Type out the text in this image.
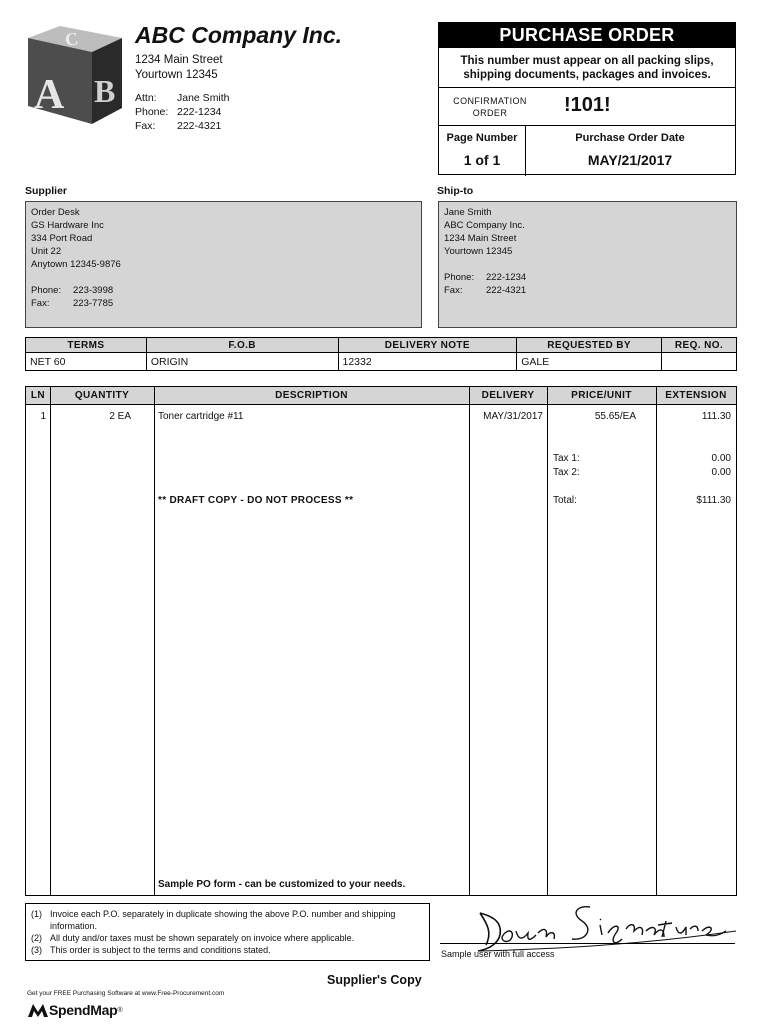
C
A B
ABC Company Inc.
1234 Main Street
Yourtown 12345
Attn:	Jane Smith
Phone: 222-1234
Fax:	222-4321
PURCHASE ORDER
This number must appear on all packing slips,
shipping documents, packages and invoices.
CONFIRMATION
ORDER	!101!
Page Number
1 of 1
Purchase Order Date
MAY/21/2017
Supplier
Order Desk
GS Hardware Inc
334 Port Road
Unit 22
Anytown 12345-9876
Phone:	223-3998
Fax:	223-7785
Ship-to
Jane Smith
ABC Company Inc.
1234 Main Street
Yourtown 12345
Phone:	222-1234
Fax:	222-4321
TERMS	F.O.B	DELIVERY NOTE	REQUESTED BY	REQ. NO.
NET 60	ORIGIN	12332	GALE	
LN	QUANTITY	DESCRIPTION	DELIVERY	PRICE/UNIT	EXTENSION
1	2 EA	Toner cartridge #11	MAY/31/2017	55.65/EA	111.30
Tax 1:	0.00
Tax 2:	0.00
Total:	$111.30
** DRAFT COPY - DO NOT PROCESS **
Sample PO form - can be customized to your needs.
(1) Invoice each P.O. separately in duplicate showing the above P.O. number and shipping information.
(2) All duty and/or taxes must be shown separately on invoice where applicable.
(3) This order is subject to the terms and conditions stated.	Sample user with full access
Supplier's Copy
Get your FREE Purchasing Software at www.Free-Procurement.com
SpendMap ®
